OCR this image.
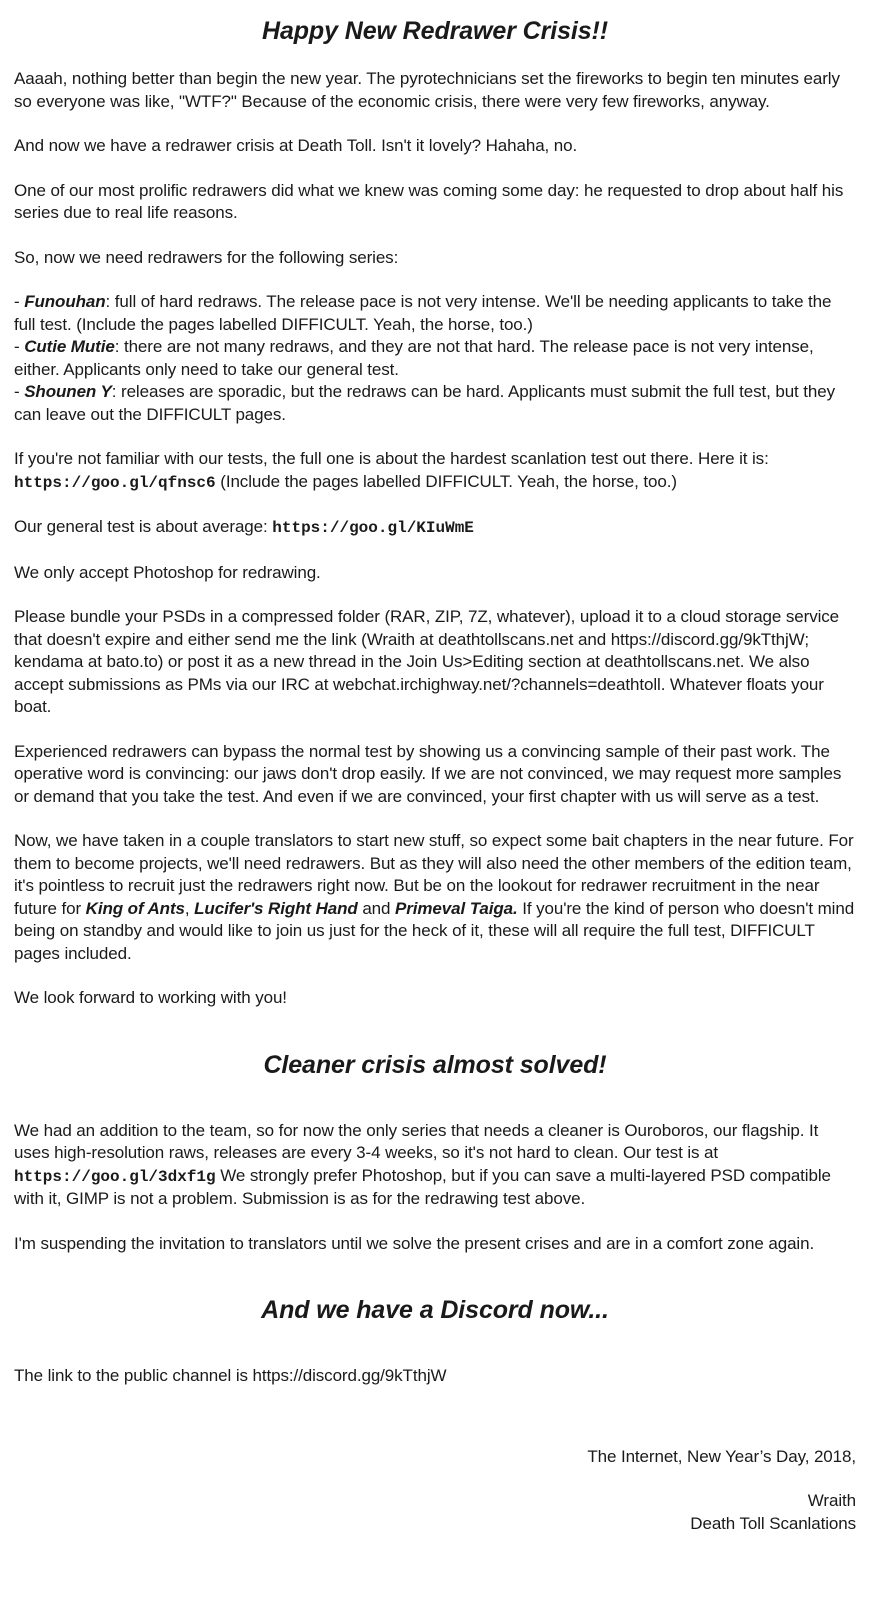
Happy New Redrawer Crisis!!

Aaaah, nothing better than begin the new year. The pyrotechnicians set the fireworks to begin ten minutes early so everyone was like, "WTF?" Because of the economic crisis, there were very few fireworks, anyway.

And now we have a redrawer crisis at Death Toll. Isn't it lovely? Hahaha, no.

One of our most prolific redrawers did what we knew was coming some day: he requested to drop about half his series due to real life reasons.

So, now we need redrawers for the following series:

- Funouhan: full of hard redraws. The release pace is not very intense. We'll be needing applicants to take the full test. (Include the pages labelled DIFFICULT. Yeah, the horse, too.)

- Cutie Mutie: there are not many redraws, and they are not that hard. The release pace is not very intense, either. Applicants only need to take our general test.

- Shounen Y: releases are sporadic, but the redraws can be hard. Applicants must submit the full test, but they can leave out the DIFFICULT pages.

If you're not familiar with our tests, the full one is about the hardest scanlation test out there. Here it is: https://goo.gl/qfnsc6 (Include the pages labelled DIFFICULT. Yeah, the horse, too.)

Our general test is about average: https://goo.gl/KIuWmE

We only accept Photoshop for redrawing.

Please bundle your PSDs in a compressed folder (RAR, ZIP, 7Z, whatever), upload it to a cloud storage service that doesn't expire and either send me the link (Wraith at deathtollscans.net and https://discord.gg/9kTthjW; kendama at bato.to) or post it as a new thread in the Join Us>Editing section at deathtollscans.net. We also accept submissions as PMs via our IRC at webchat.irchighway.net/?channels=deathtoll. Whatever floats your boat.

Experienced redrawers can bypass the normal test by showing us a convincing sample of their past work. The operative word is convincing: our jaws don't drop easily. If we are not convinced, we may request more samples or demand that you take the test. And even if we are convinced, your first chapter with us will serve as a test.

Now, we have taken in a couple translators to start new stuff, so expect some bait chapters in the near future. For them to become projects, we'll need redrawers. But as they will also need the other members of the edition team, it's pointless to recruit just the redrawers right now. But be on the lookout for redrawer recruitment in the near future for King of Ants, Lucifer's Right Hand and Primeval Taiga. If you're the kind of person who doesn't mind being on standby and would like to join us just for the heck of it, these will all require the full test, DIFFICULT pages included.

We look forward to working with you!

Cleaner crisis almost solved!

We had an addition to the team, so for now the only series that needs a cleaner is Ouroboros, our flagship. It uses high-resolution raws, releases are every 3-4 weeks, so it's not hard to clean. Our test is at https://goo.gl/3dxf1g We strongly prefer Photoshop, but if you can save a multi-layered PSD compatible with it, GIMP is not a problem. Submission is as for the redrawing test above.

I'm suspending the invitation to translators until we solve the present crises and are in a comfort zone again.

And we have a Discord now...

The link to the public channel is https://discord.gg/9kTthjW

The Internet, New Year’s Day, 2018,

Wraith

Death Toll Scanlations
